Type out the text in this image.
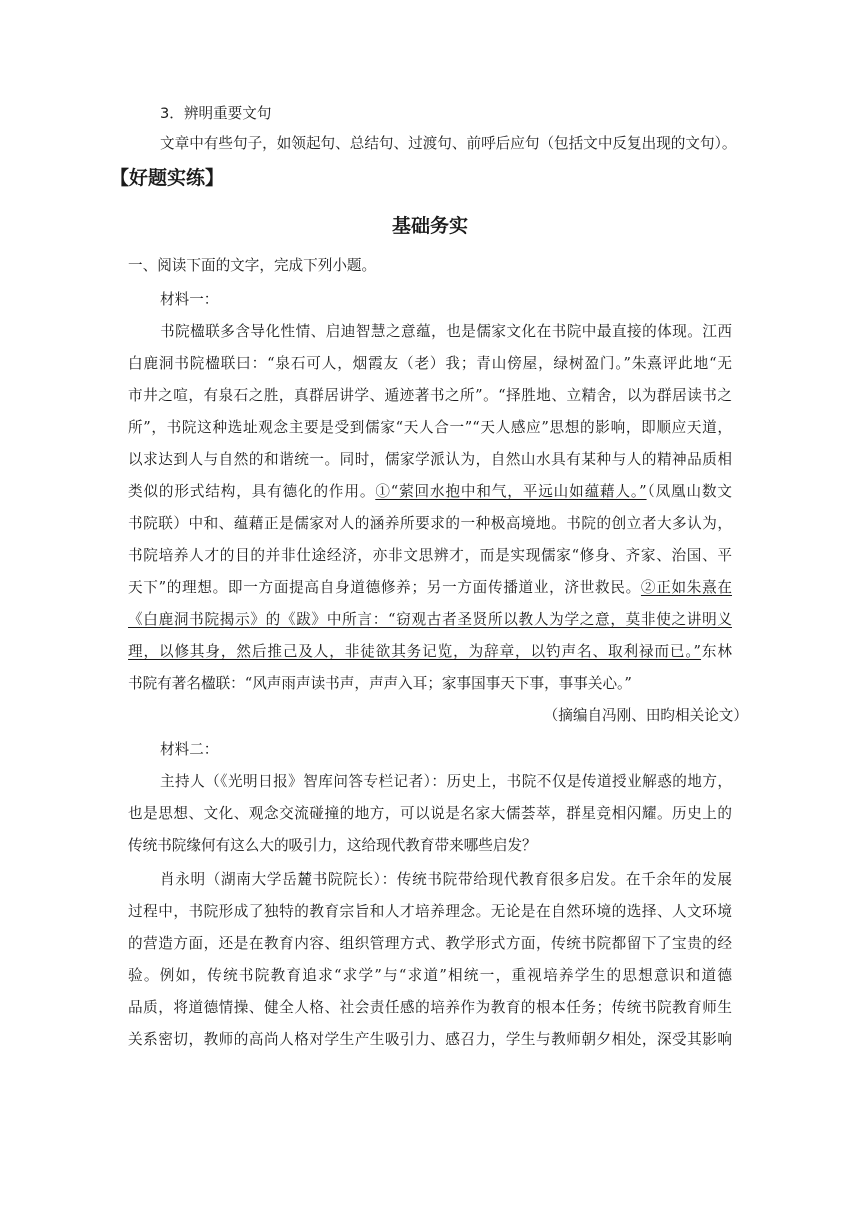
3．辨明重要文句
文章中有些句子，如领起句、总结句、过渡句、前呼后应句（包括文中反复出现的文句）。
【好题实练】
基础务实
一、阅读下面的文字，完成下列小题。
材料一：
书院楹联多含导化性情、启迪智慧之意蕴，也是儒家文化在书院中最直接的体现。江西
白鹿洞书院楹联曰：“泉石可人，烟霞友（老）我；青山傍屋，绿树盈门。”朱熹评此地“无
市井之喧，有泉石之胜，真群居讲学、遁迹著书之所”。“择胜地、立精舍，以为群居读书之
所”，书院这种选址观念主要是受到儒家“天人合一”“天人感应”思想的影响，即顺应天道，
以求达到人与自然的和谐统一。同时，儒家学派认为，自然山水具有某种与人的精神品质相
类似的形式结构，具有德化的作用。①“萦回水抱中和气，平远山如蕴藉人。”（凤凰山数文
书院联）中和、蕴藉正是儒家对人的涵养所要求的一种极高境地。书院的创立者大多认为，
书院培养人才的目的并非仕途经济，亦非文思辨才，而是实现儒家“修身、齐家、治国、平
天下”的理想。即一方面提高自身道德修养；另一方面传播道业，济世救民。②正如朱熹在
《白鹿洞书院揭示》的《跋》中所言：“窃观古者圣贤所以教人为学之意，莫非使之讲明义
理，以修其身，然后推己及人，非徒欲其务记览，为辞章，以钓声名、取利禄而已。”东林
书院有著名楹联：“风声雨声读书声，声声入耳；家事国事天下事，事事关心。”
（摘编自冯刚、田昀相关论文）
材料二：
主持人（《光明日报》智库问答专栏记者）：历史上，书院不仅是传道授业解惑的地方，
也是思想、文化、观念交流碰撞的地方，可以说是名家大儒荟萃，群星竞相闪耀。历史上的
传统书院缘何有这么大的吸引力，这给现代教育带来哪些启发？
肖永明（湖南大学岳麓书院院长）：传统书院带给现代教育很多启发。在千余年的发展
过程中，书院形成了独特的教育宗旨和人才培养理念。无论是在自然环境的选择、人文环境
的营造方面，还是在教育内容、组织管理方式、教学形式方面，传统书院都留下了宝贵的经
验。例如，传统书院教育追求“求学”与“求道”相统一，重视培养学生的思想意识和道德
品质，将道德情操、健全人格、社会责任感的培养作为教育的根本任务；传统书院教育师生
关系密切，教师的高尚人格对学生产生吸引力、感召力，学生与教师朝夕相处，深受其影响
